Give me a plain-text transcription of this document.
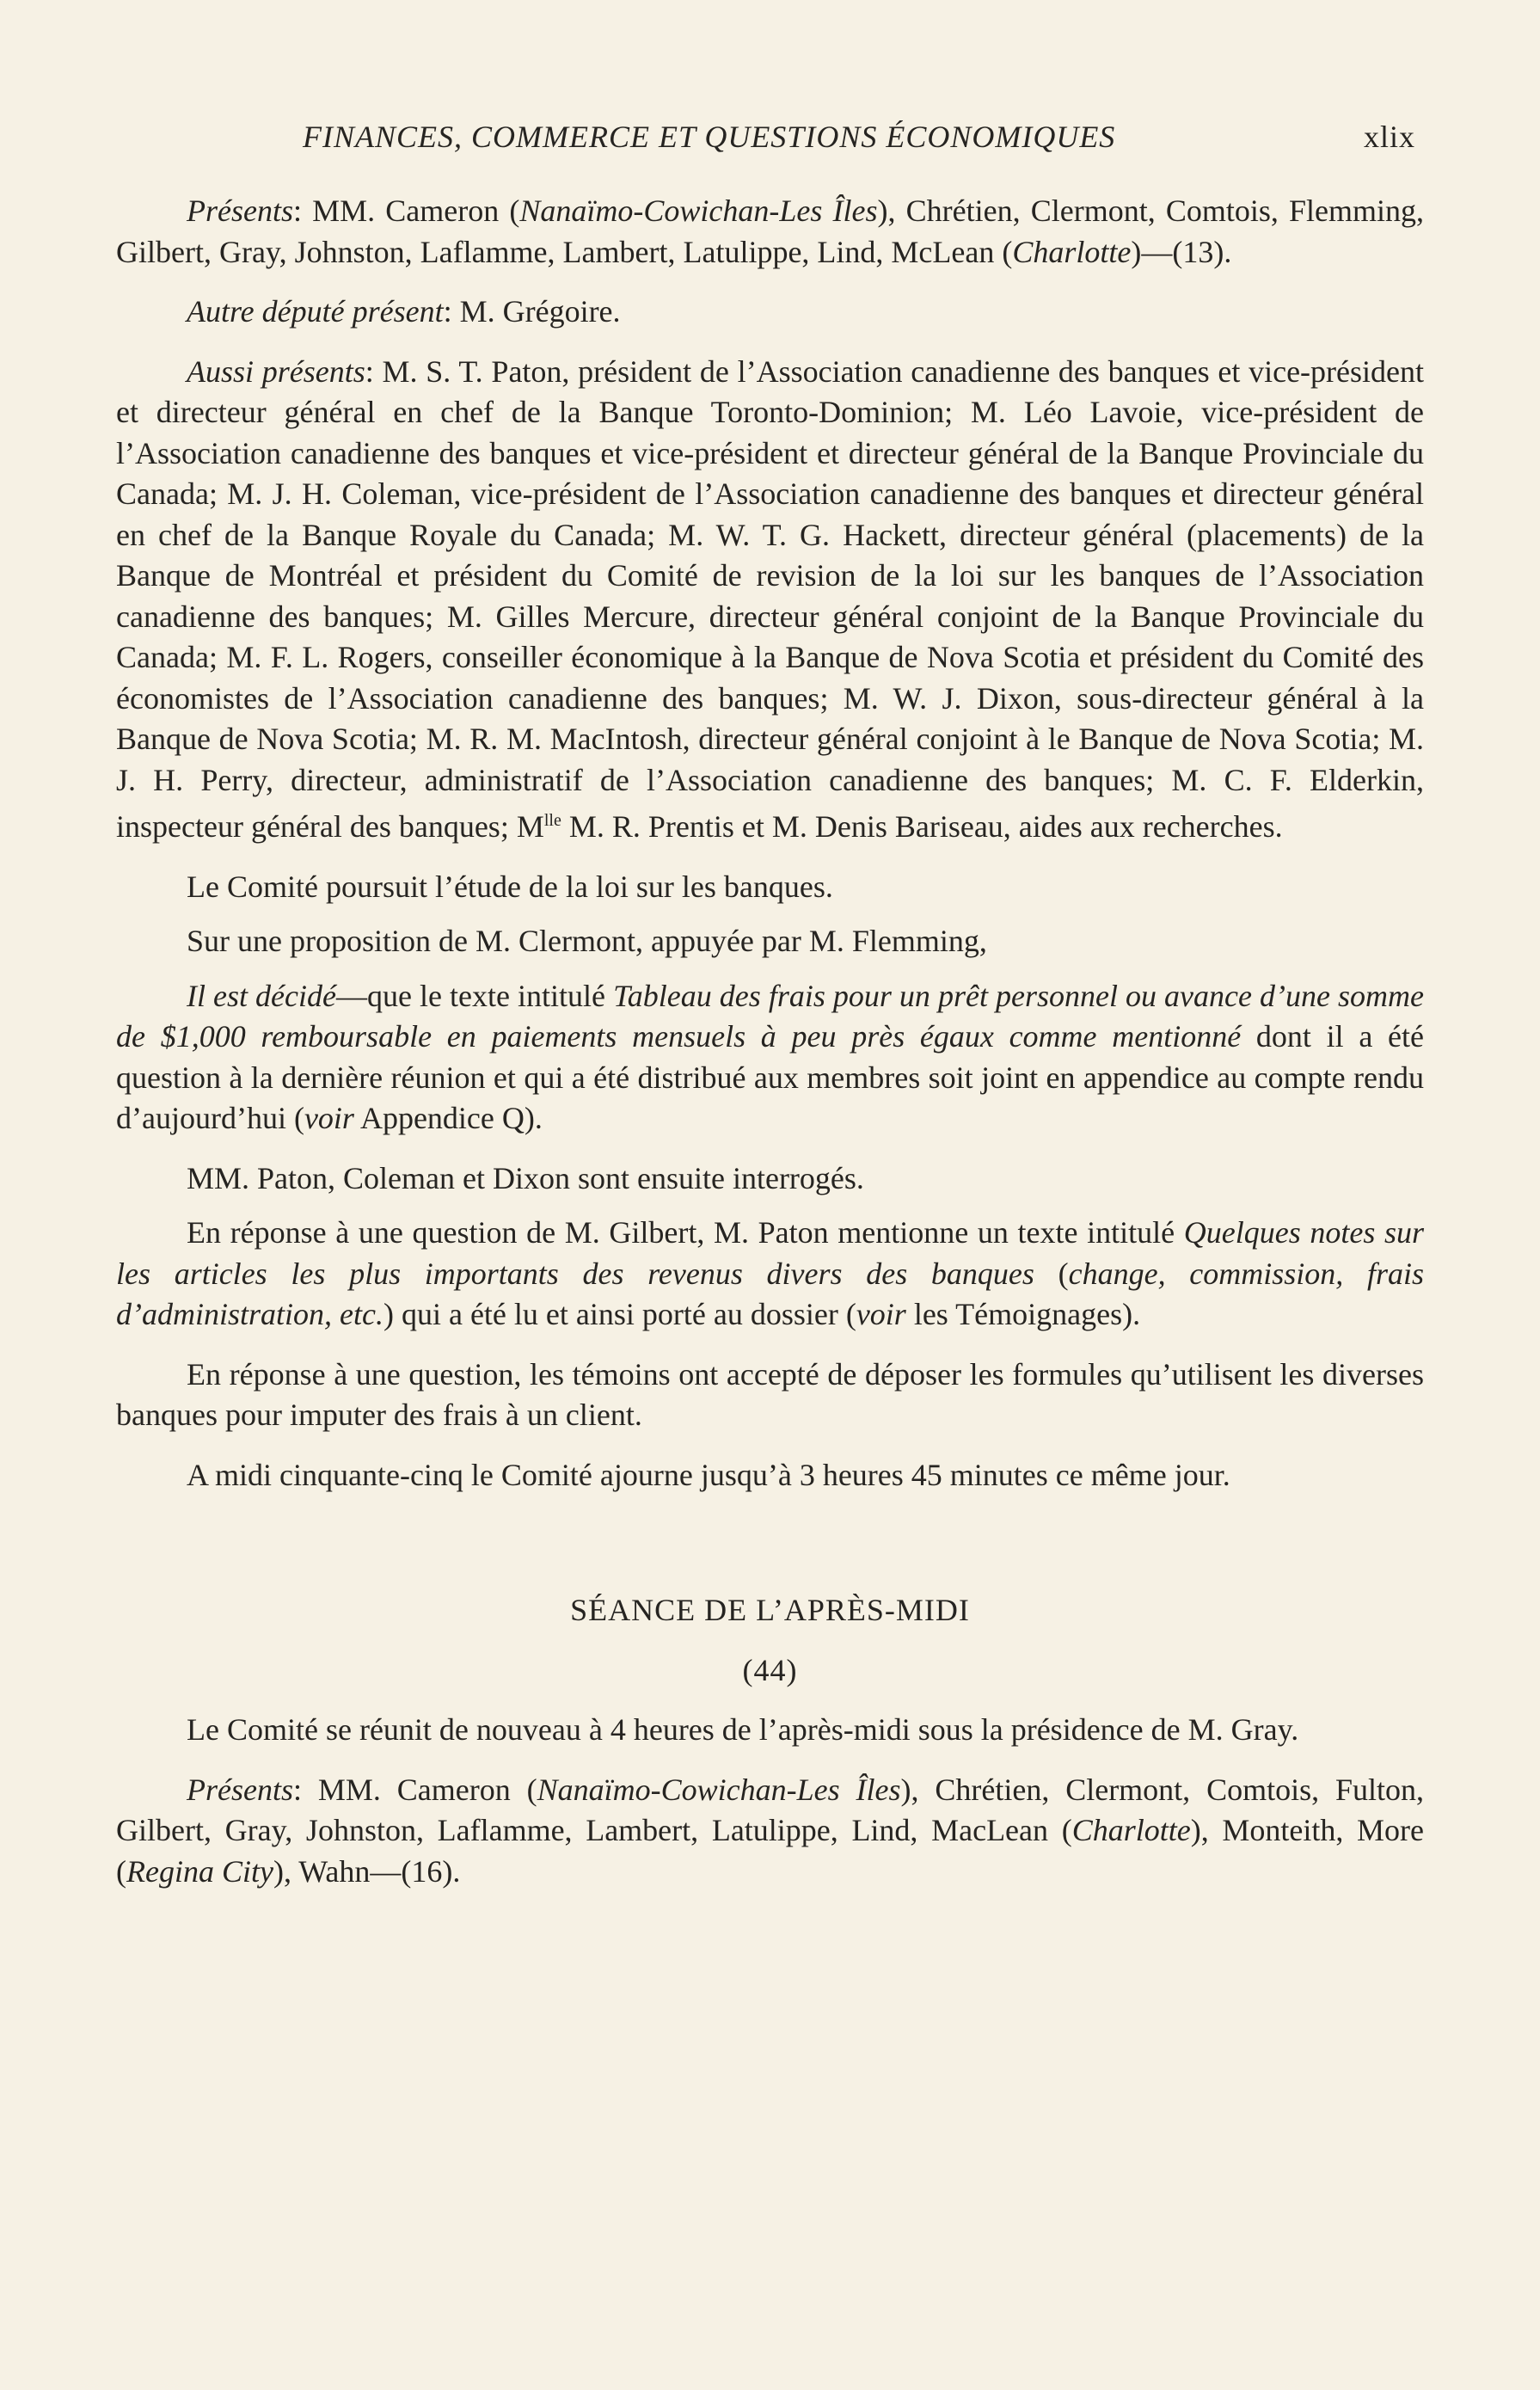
FINANCES, COMMERCE ET QUESTIONS ÉCONOMIQUES	xlix

Présents: MM. Cameron (Nanaïmo-Cowichan-Les Îles), Chrétien, Clermont, Comtois, Flemming, Gilbert, Gray, Johnston, Laflamme, Lambert, Latulippe, Lind, McLean (Charlotte)—(13).

Autre député présent: M. Grégoire.

Aussi présents: M. S. T. Paton, président de l’Association canadienne des banques et vice-président et directeur général en chef de la Banque Toronto-Dominion; M. Léo Lavoie, vice-président de l’Association canadienne des banques et vice-président et directeur général de la Banque Provinciale du Canada; M. J. H. Coleman, vice-président de l’Association canadienne des banques et directeur général en chef de la Banque Royale du Canada; M. W. T. G. Hackett, directeur général (placements) de la Banque de Montréal et président du Comité de revision de la loi sur les banques de l’Association canadienne des banques; M. Gilles Mercure, directeur général conjoint de la Banque Provinciale du Canada; M. F. L. Rogers, conseiller économique à la Banque de Nova Scotia et président du Comité des économistes de l’Association canadienne des banques; M. W. J. Dixon, sous-directeur général à la Banque de Nova Scotia; M. R. M. MacIntosh, directeur général conjoint à le Banque de Nova Scotia; M. J. H. Perry, directeur, administratif de l’Association canadienne des banques; M. C. F. Elderkin, inspecteur général des banques; $M^{lle}$ M. R. Prentis et M. Denis Bariseau, aides aux recherches.

Le Comité poursuit l’étude de la loi sur les banques.

Sur une proposition de M. Clermont, appuyée par M. Flemming,

Il est décidé—que le texte intitulé Tableau des frais pour un prêt personnel ou avance d’une somme de $1,000 remboursable en paiements mensuels à peu près égaux comme mentionné dont il a été question à la dernière réunion et qui a été distribué aux membres soit joint en appendice au compte rendu d’aujourd’hui (voir Appendice Q).

MM. Paton, Coleman et Dixon sont ensuite interrogés.

En réponse à une question de M. Gilbert, M. Paton mentionne un texte intitulé Quelques notes sur les articles les plus importants des revenus divers des banques (change, commission, frais d’administration, etc.) qui a été lu et ainsi porté au dossier (voir les Témoignages).

En réponse à une question, les témoins ont accepté de déposer les formules qu’utilisent les diverses banques pour imputer des frais à un client.

A midi cinquante-cinq le Comité ajourne jusqu’à 3 heures 45 minutes ce même jour.

SÉANCE DE L’APRÈS-MIDI

(44)

Le Comité se réunit de nouveau à 4 heures de l’après-midi sous la présidence de M. Gray.

Présents: MM. Cameron (Nanaïmo-Cowichan-Les Îles), Chrétien, Clermont, Comtois, Fulton, Gilbert, Gray, Johnston, Laflamme, Lambert, Latulippe, Lind, MacLean (Charlotte), Monteith, More (Regina City), Wahn—(16).
